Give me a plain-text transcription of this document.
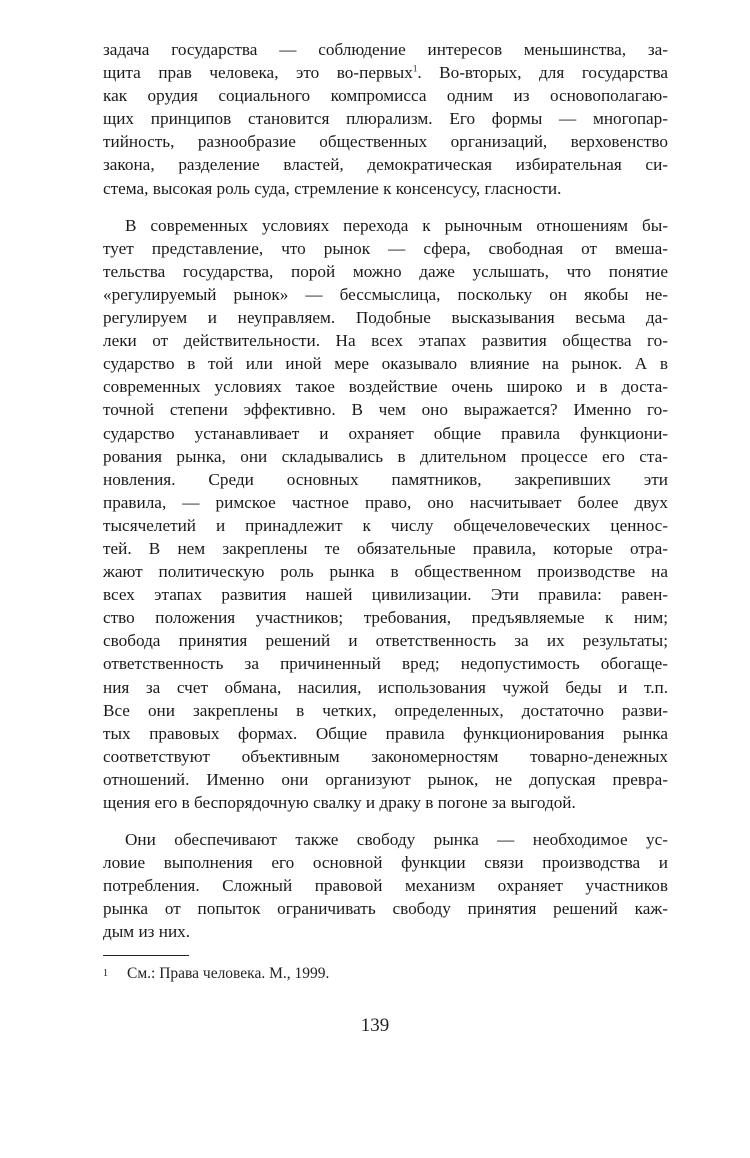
задача государства — соблюдение интересов меньшинства, за-
щита прав человека, это во-первых$^1$. Во-вторых, для государства
как орудия социального компромисса одним из основополагаю-
щих принципов становится плюрализм. Его формы — многопар-
тийность, разнообразие общественных организаций, верховенство
закона, разделение властей, демократическая избирательная си-
стема, высокая роль суда, стремление к консенсусу, гласности.

В современных условиях перехода к рыночным отношениям бы-
тует представление, что рынок — сфера, свободная от вмеша-
тельства государства, порой можно даже услышать, что понятие
«регулируемый рынок» — бессмыслица, поскольку он якобы не-
регулируем и неуправляем. Подобные высказывания весьма да-
леки от действительности. На всех этапах развития общества го-
сударство в той или иной мере оказывало влияние на рынок. А в
современных условиях такое воздействие очень широко и в доста-
точной степени эффективно. В чем оно выражается? Именно го-
сударство устанавливает и охраняет общие правила функциони-
рования рынка, они складывались в длительном процессе его ста-
новления. Среди основных памятников, закрепивших эти
правила, — римское частное право, оно насчитывает более двух
тысячелетий и принадлежит к числу общечеловеческих ценнос-
тей. В нем закреплены те обязательные правила, которые отра-
жают политическую роль рынка в общественном производстве на
всех этапах развития нашей цивилизации. Эти правила: равен-
ство положения участников; требования, предъявляемые к ним;
свобода принятия решений и ответственность за их результаты;
ответственность за причиненный вред; недопустимость обогаще-
ния за счет обмана, насилия, использования чужой беды и т.п.
Все они закреплены в четких, определенных, достаточно разви-
тых правовых формах. Общие правила функционирования рынка
соответствуют объективным закономерностям товарно-денежных
отношений. Именно они организуют рынок, не допуская превра-
щения его в беспорядочную свалку и драку в погоне за выгодой.

Они обеспечивают также свободу рынка — необходимое ус-
ловие выполнения его основной функции связи производства и
потребления. Сложный правовой механизм охраняет участников
рынка от попыток ограничивать свободу принятия решений каж-
дым из них.

1 См.: Права человека. М., 1999.
139
